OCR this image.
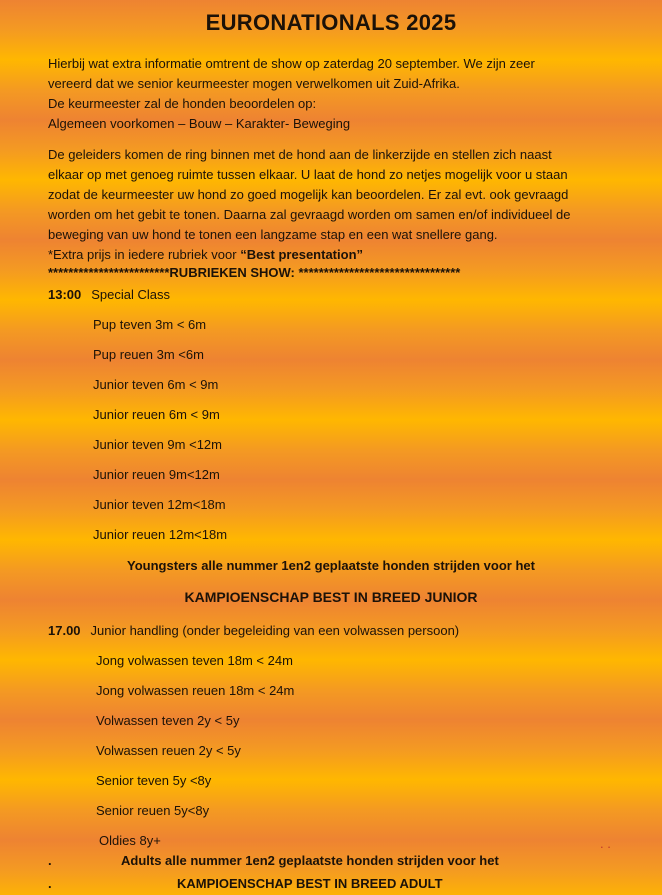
EURONATIONALS 2025
Hierbij wat extra informatie omtrent de show op zaterdag 20 september. We zijn zeer
vereerd dat we senior keurmeester mogen verwelkomen uit Zuid-Afrika.
De keurmeester zal de honden beoordelen op:
Algemeen voorkomen – Bouw – Karakter- Beweging
De geleiders komen de ring binnen met de hond aan de linkerzijde en stellen zich naast
elkaar op met genoeg ruimte tussen elkaar. U laat de hond zo netjes mogelijk voor u staan
zodat de keurmeester uw hond zo goed mogelijk kan beoordelen. Er zal evt. ook gevraagd
worden om het gebit te tonen. Daarna zal gevraagd worden om samen en/of individueel de
beweging van uw hond te tonen een langzame stap en een wat snellere gang.
*Extra prijs in iedere rubriek voor “Best presentation”
************************RUBRIEKEN SHOW: ********************************
13:00 Special Class
Pup teven 3m < 6m
Pup reuen 3m <6m
Junior teven 6m < 9m
Junior reuen 6m < 9m
Junior teven 9m <12m
Junior reuen 9m<12m
Junior teven 12m<18m
Junior reuen 12m<18m
Youngsters alle nummer 1en2 geplaatste honden strijden voor het
KAMPIOENSCHAP BEST IN BREED JUNIOR
17.00 Junior handling (onder begeleiding van een volwassen persoon)
Jong volwassen teven 18m < 24m
Jong volwassen reuen 18m < 24m
Volwassen teven 2y < 5y
Volwassen reuen 2y < 5y
Senior teven 5y <8y
Senior reuen 5y<8y
Oldies 8y+	. .
.	Adults alle nummer 1en2 geplaatste honden strijden voor het
.	KAMPIOENSCHAP BEST IN BREED ADULT
